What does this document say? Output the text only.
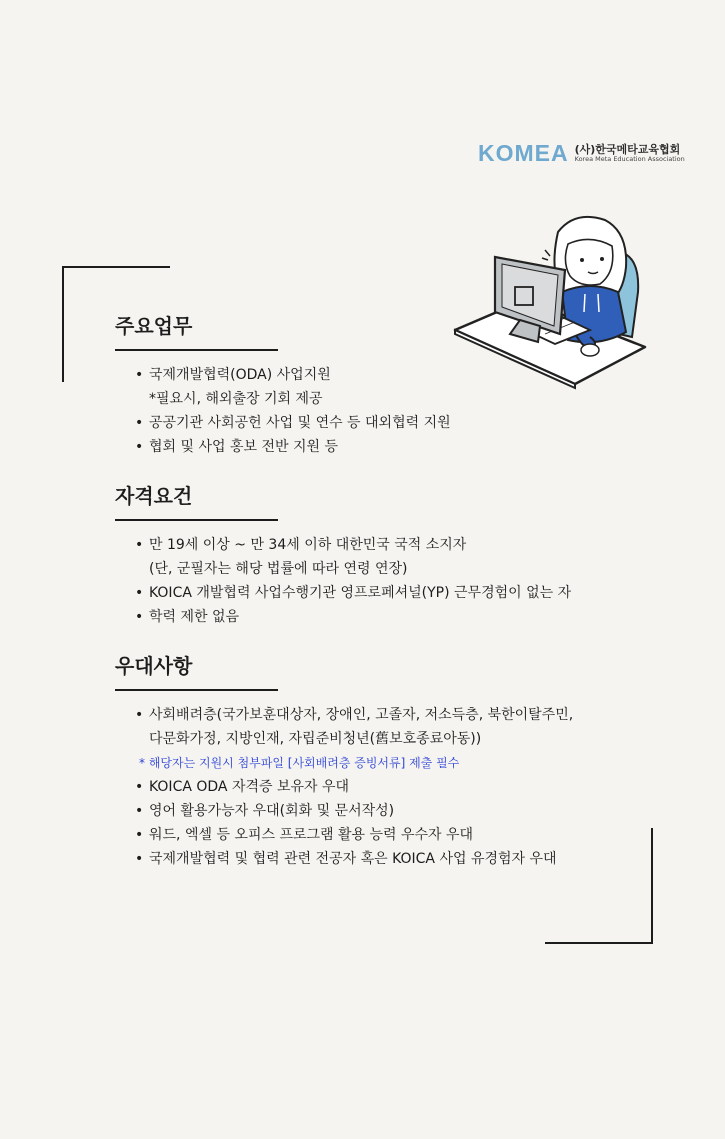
KOMEA (사)한국메타교육협회
Korea Meta Education Association
주요업무
• 국제개발협력(ODA) 사업지원
*필요시, 해외출장 기회 제공
• 공공기관 사회공헌 사업 및 연수 등 대외협력 지원
• 협회 및 사업 홍보 전반 지원 등
자격요건
• 만 19세 이상 ~ 만 34세 이하 대한민국 국적 소지자
(단, 군필자는 해당 법률에 따라 연령 연장)
• KOICA 개발협력 사업수행기관 영프로페셔널(YP) 근무경험이 없는 자
• 학력 제한 없음
우대사항
• 사회배려층(국가보훈대상자, 장애인, 고졸자, 저소득층, 북한이탈주민,
다문화가정, 지방인재, 자립준비청년(舊보호종료아동))
* 해당자는 지원시 첨부파일 [사회배려층 증빙서류] 제출 필수
• KOICA ODA 자격증 보유자 우대
• 영어 활용가능자 우대(회화 및 문서작성)
• 워드, 엑셀 등 오피스 프로그램 활용 능력 우수자 우대
• 국제개발협력 및 협력 관련 전공자 혹은 KOICA 사업 유경험자 우대
